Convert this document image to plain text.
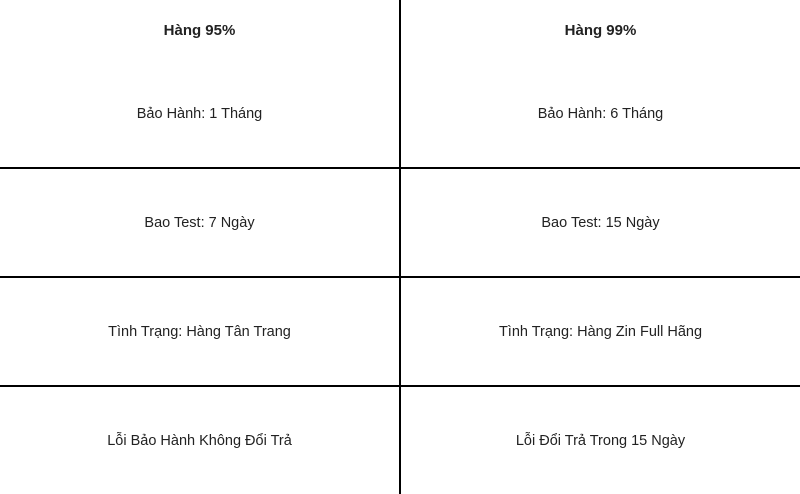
Hàng 95%	Hàng 99%
Bảo Hành: 1 Tháng	Bảo Hành: 6 Tháng
Bao Test: 7 Ngày	Bao Test: 15 Ngày
Tình Trạng: Hàng Tân Trang	Tình Trạng: Hàng Zin Full Hãng
Lỗi Bảo Hành Không Đổi Trả	Lỗi Đổi Trả Trong 15 Ngày
